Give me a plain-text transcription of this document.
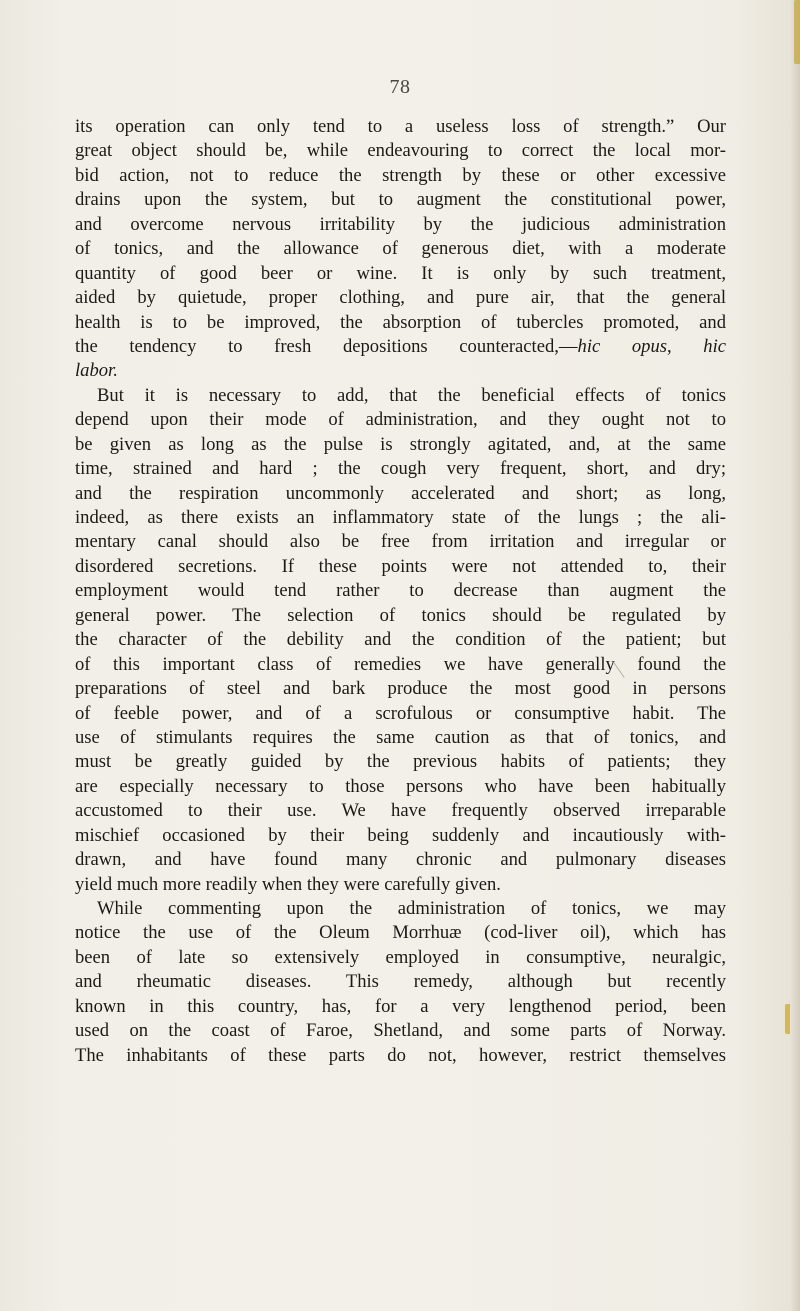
78
its operation can only tend to a useless loss of strength.” Our
great object should be, while endeavouring to correct the local mor-
bid action, not to reduce the strength by these or other excessive
drains upon the system, but to augment the constitutional power,
and overcome nervous irritability by the judicious administration
of tonics, and the allowance of generous diet, with a moderate
quantity of good beer or wine. It is only by such treatment,
aided by quietude, proper clothing, and pure air, that the general
health is to be improved, the absorption of tubercles promoted, and
the tendency to fresh depositions counteracted,—hic opus, hic
labor.
But it is necessary to add, that the beneficial effects of tonics
depend upon their mode of administration, and they ought not to
be given as long as the pulse is strongly agitated, and, at the same
time, strained and hard ; the cough very frequent, short, and dry;
and the respiration uncommonly accelerated and short; as long,
indeed, as there exists an inflammatory state of the lungs ; the ali-
mentary canal should also be free from irritation and irregular or
disordered secretions. If these points were not attended to, their
employment would tend rather to decrease than augment the
general power. The selection of tonics should be regulated by
the character of the debility and the condition of the patient; but
of this important class of remedies we have generally found the
preparations of steel and bark produce the most good in persons
of feeble power, and of a scrofulous or consumptive habit. The
use of stimulants requires the same caution as that of tonics, and
must be greatly guided by the previous habits of patients; they
are especially necessary to those persons who have been habitually
accustomed to their use. We have frequently observed irreparable
mischief occasioned by their being suddenly and incautiously with-
drawn, and have found many chronic and pulmonary diseases
yield much more readily when they were carefully given.
While commenting upon the administration of tonics, we may
notice the use of the Oleum Morrhuæ (cod-liver oil), which has
been of late so extensively employed in consumptive, neuralgic,
and rheumatic diseases. This remedy, although but recently
known in this country, has, for a very lengthenod period, been
used on the coast of Faroe, Shetland, and some parts of Norway.
The inhabitants of these parts do not, however, restrict themselves
